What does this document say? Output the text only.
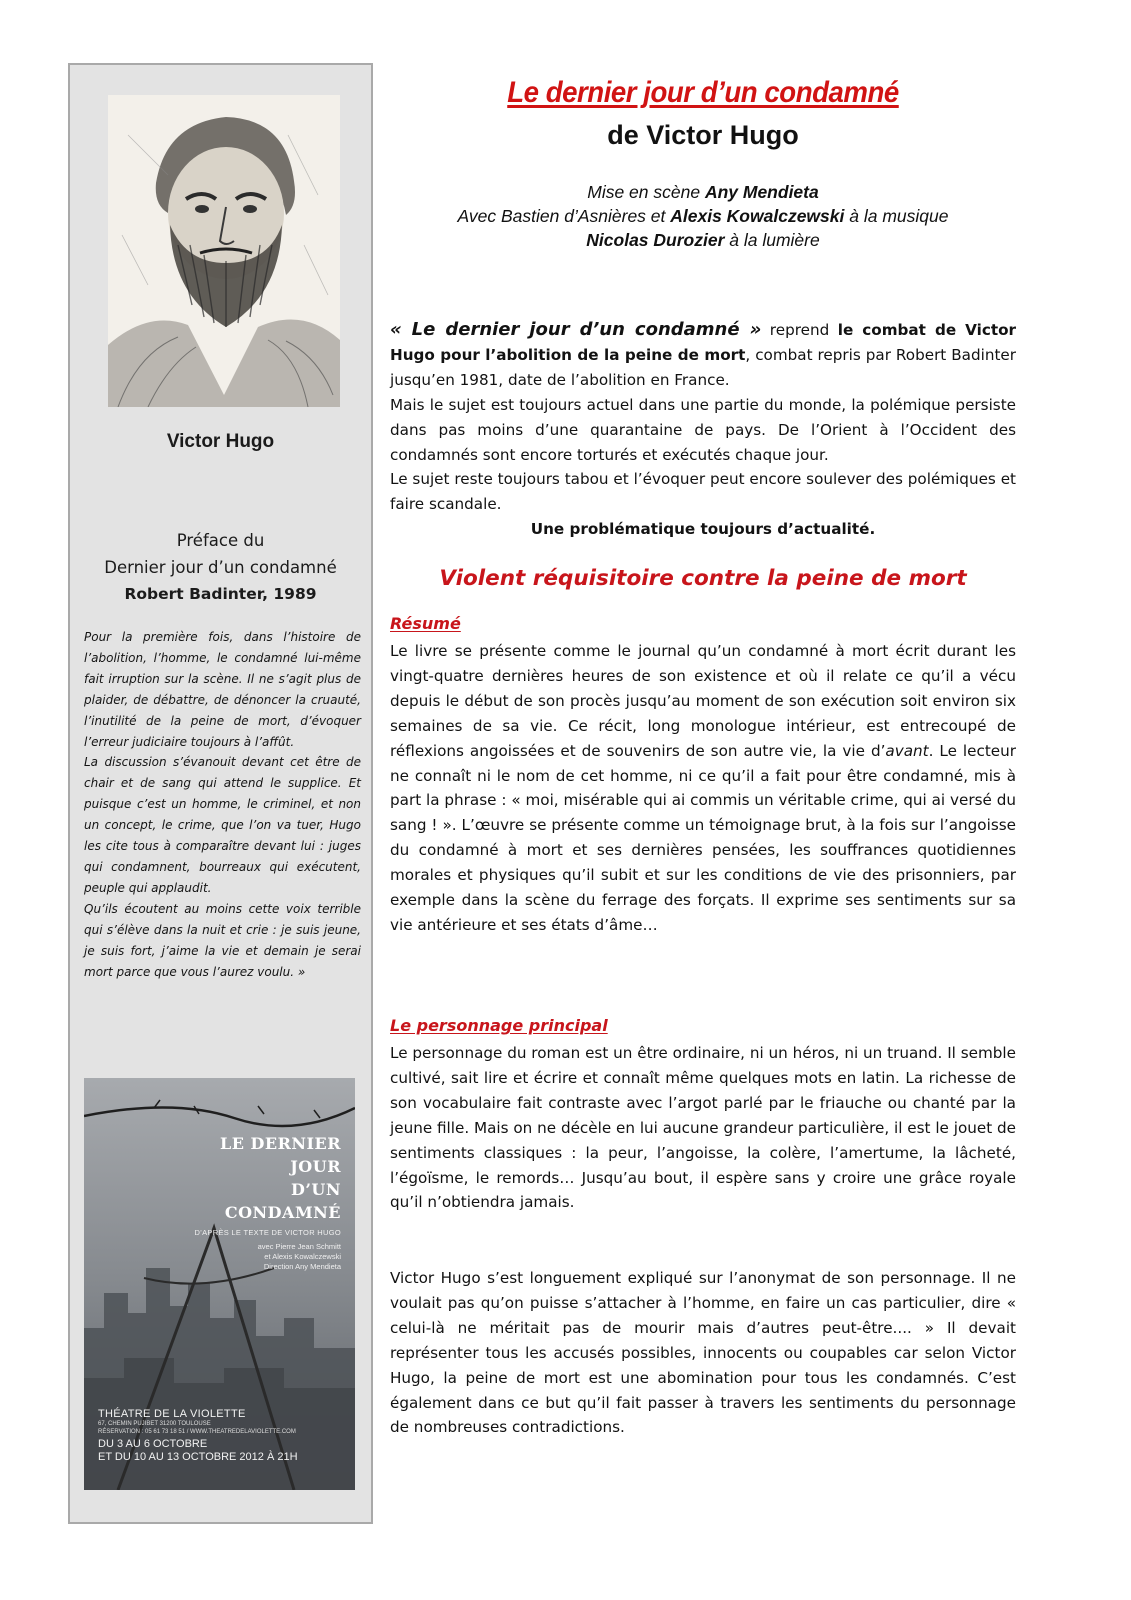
Victor Hugo
Préface du
Dernier jour d’un condamné
Robert Badinter, 1989

Pour la première fois, dans l’histoire de l’abolition, l’homme, le condamné lui-même fait irruption sur la scène. Il ne s’agit plus de plaider, de débattre, de dénoncer la cruauté, l’inutilité de la peine de mort, d’évoquer l’erreur judiciaire toujours à l’affût.

La discussion s’évanouit devant cet être de chair et de sang qui attend le supplice. Et puisque c’est un homme, le criminel, et non un concept, le crime, que l’on va tuer, Hugo les cite tous à comparaître devant lui : juges qui condamnent, bourreaux qui exécutent, peuple qui applaudit.

Qu’ils écoutent au moins cette voix terrible qui s’élève dans la nuit et crie : je suis jeune, je suis fort, j’aime la vie et demain je serai mort parce que vous l’aurez voulu. »

LE DERNIER
JOUR
D’UN
CONDAMNÉ
D’APRÈS LE TEXTE DE VICTOR HUGO
avec Pierre Jean Schmitt
et Alexis Kowalczewski
Direction Any Mendieta
THÉATRE DE LA VIOLETTE
67, CHEMIN PUJIBET 31200 TOULOUSE
RÉSERVATION : 05 61 73 18 51 / WWW.THEATREDELAVIOLETTE.COM
DU 3 AU 6 OCTOBRE
ET DU 10 AU 13 OCTOBRE 2012 À 21H
Le dernier jour d’un condamné
de Victor Hugo
Mise en scène Any Mendieta
Avec Bastien d’Asnières et Alexis Kowalczewski à la musique
Nicolas Durozier à la lumière
« Le dernier jour d’un condamné » reprend le combat de Victor Hugo pour l’abolition de la peine de mort, combat repris par Robert Badinter jusqu’en 1981, date de l’abolition en France.
Mais le sujet est toujours actuel dans une partie du monde, la polémique persiste dans pas moins d’une quarantaine de pays. De l’Orient à l’Occident des condamnés sont encore torturés et exécutés chaque jour.
Le sujet reste toujours tabou et l’évoquer peut encore soulever des polémiques et faire scandale.
Une problématique toujours d’actualité.
Violent réquisitoire contre la peine de mort
Résumé

Le livre se présente comme le journal qu’un condamné à mort écrit durant les vingt-quatre dernières heures de son existence et où il relate ce qu’il a vécu depuis le début de son procès jusqu’au moment de son exécution soit environ six semaines de sa vie. Ce récit, long monologue intérieur, est entrecoupé de réflexions angoissées et de souvenirs de son autre vie, la vie d’avant. Le lecteur ne connaît ni le nom de cet homme, ni ce qu’il a fait pour être condamné, mis à part la phrase : « moi, misérable qui ai commis un véritable crime, qui ai versé du sang ! ». L’œuvre se présente comme un témoignage brut, à la fois sur l’angoisse du condamné à mort et ses dernières pensées, les souffrances quotidiennes morales et physiques qu’il subit et sur les conditions de vie des prisonniers, par exemple dans la scène du ferrage des forçats. Il exprime ses sentiments sur sa vie antérieure et ses états d’âme…

Le personnage principal

Le personnage du roman est un être ordinaire, ni un héros, ni un truand. Il semble cultivé, sait lire et écrire et connaît même quelques mots en latin. La richesse de son vocabulaire fait contraste avec l’argot parlé par le friauche ou chanté par la jeune fille. Mais on ne décèle en lui aucune grandeur particulière, il est le jouet de sentiments classiques : la peur, l’angoisse, la colère, l’amertume, la lâcheté, l’égoïsme, le remords… Jusqu’au bout, il espère sans y croire une grâce royale qu’il n’obtiendra jamais.

Victor Hugo s’est longuement expliqué sur l’anonymat de son personnage. Il ne voulait pas qu’on puisse s’attacher à l’homme, en faire un cas particulier, dire « celui-là ne méritait pas de mourir mais d’autres peut-être.... » Il devait représenter tous les accusés possibles, innocents ou coupables car selon Victor Hugo, la peine de mort est une abomination pour tous les condamnés. C’est également dans ce but qu’il fait passer à travers les sentiments du personnage de nombreuses contradictions.
